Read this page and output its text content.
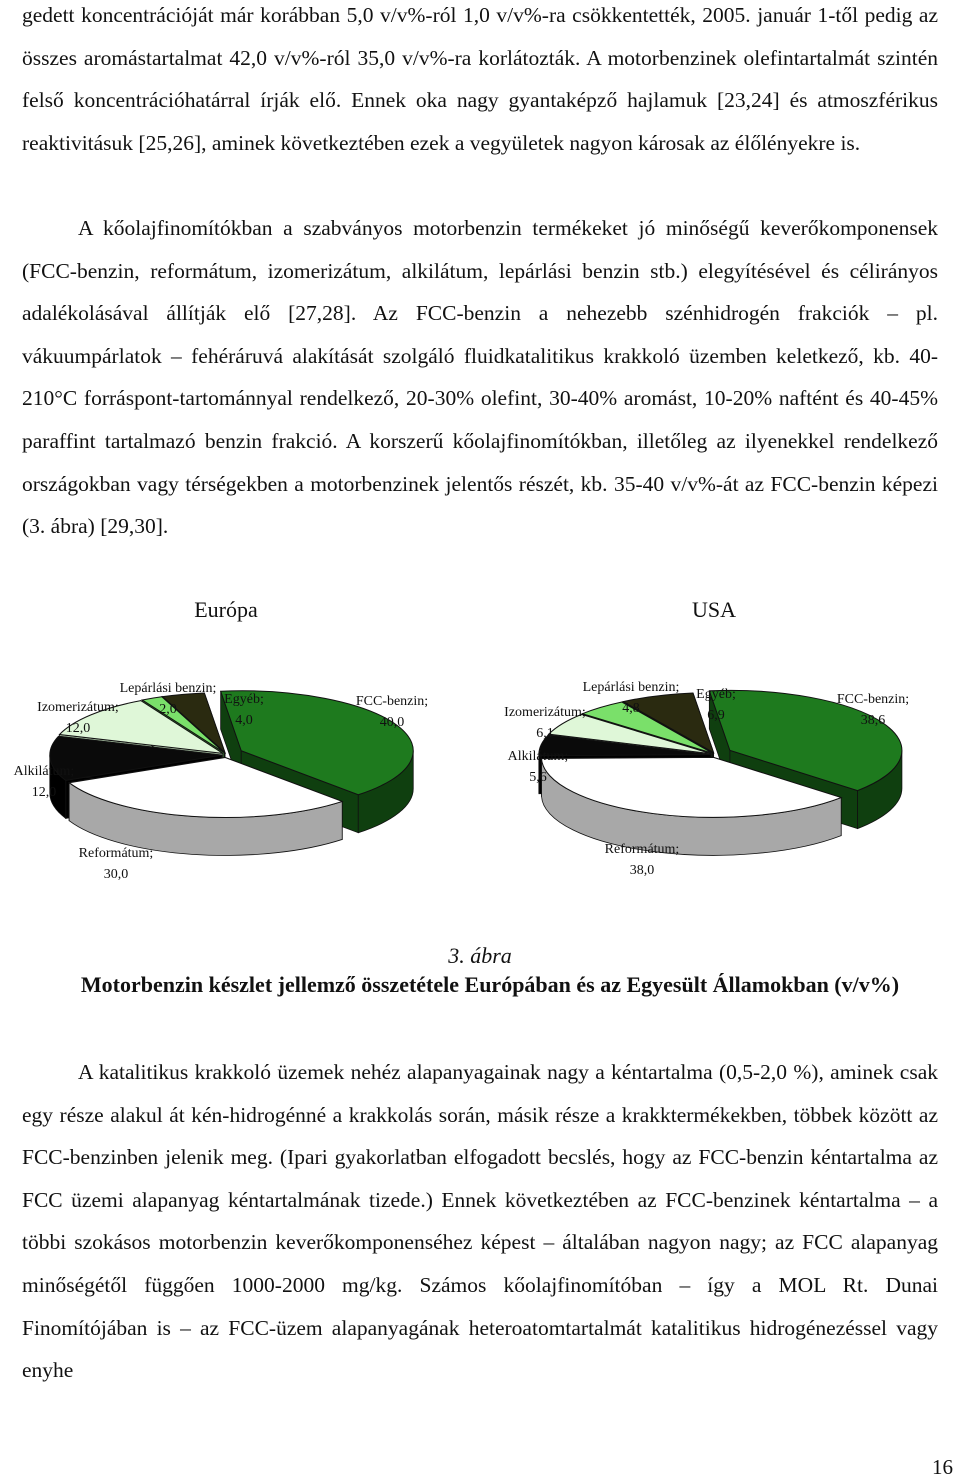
gedett koncentrációját már korábban 5,0 v/v%-ról 1,0 v/v%-ra csökkentették, 2005. január 1-től pedig az összes aromástartalmat 42,0 v/v%-ról 35,0 v/v%-ra korlátozták. A motorbenzinek olefintartalmát szintén felső koncentrációhatárral írják elő. Ennek oka nagy gyantaképző hajlamuk [23,24] és atmoszférikus reaktivitásuk [25,26], aminek következtében ezek a vegyületek nagyon károsak az élőlényekre is.

A kőolajfinomítókban a szabványos motorbenzin termékeket jó minőségű keverőkomponensek (FCC-benzin, reformátum, izomerizátum, alkilátum, lepárlási benzin stb.) elegyítésével és célirányos adalékolásával állítják elő [27,28]. Az FCC-benzin a nehezebb szénhidrogén frakciók – pl. vákuumpárlatok – fehéráruvá alakítását szolgáló fluidkatalitikus krakkoló üzemben keletkező, kb. 40-210°C forráspont-tartománnyal rendelkező, 20-30% olefint, 30-40% aromást, 10-20% naftént és 40-45% paraffint tartalmazó benzin frakció. A korszerű kőolajfinomítókban, illetőleg az ilyenekkel rendelkező országokban vagy térségekben a motorbenzinek jelentős részét, kb. 35-40 v/v%-át az FCC-benzin képezi (3. ábra) [29,30].

Európa	USA
FCC-benzin; 40,0
Reformátum; 30,0
Alkilátum; 12,0
Izomerizátum; 12,0
Lepárlási benzin; 2,0
Egyéb; 4,0
FCC-benzin; 38,6
Reformátum; 38,0
Alkilátum; 5,6
Izomerizátum; 6,1
Lepárlási benzin; 4,8
Egyéb; 6,9
3. ábra
Motorbenzin készlet jellemző összetétele Európában és az Egyesült Államokban (v/v%)

A katalitikus krakkoló üzemek nehéz alapanyagainak nagy a kéntartalma (0,5-2,0 %), aminek csak egy része alakul át kén-hidrogénné a krakkolás során, másik része a krakktermékekben, többek között az FCC-benzinben jelenik meg. (Ipari gyakorlatban elfogadott becslés, hogy az FCC-benzin kéntartalma az FCC üzemi alapanyag kéntartalmának tizede.) Ennek következtében az FCC-benzinek kéntartalma – a többi szokásos motorbenzin keverőkomponenséhez képest – általában nagyon nagy; az FCC alapanyag minőségétől függően 1000-2000 mg/kg. Számos kőolajfinomítóban – így a MOL Rt. Dunai Finomítójában is – az FCC-üzem alapanyagának heteroatomtartalmát katalitikus hidrogénezéssel vagy enyhe

16
